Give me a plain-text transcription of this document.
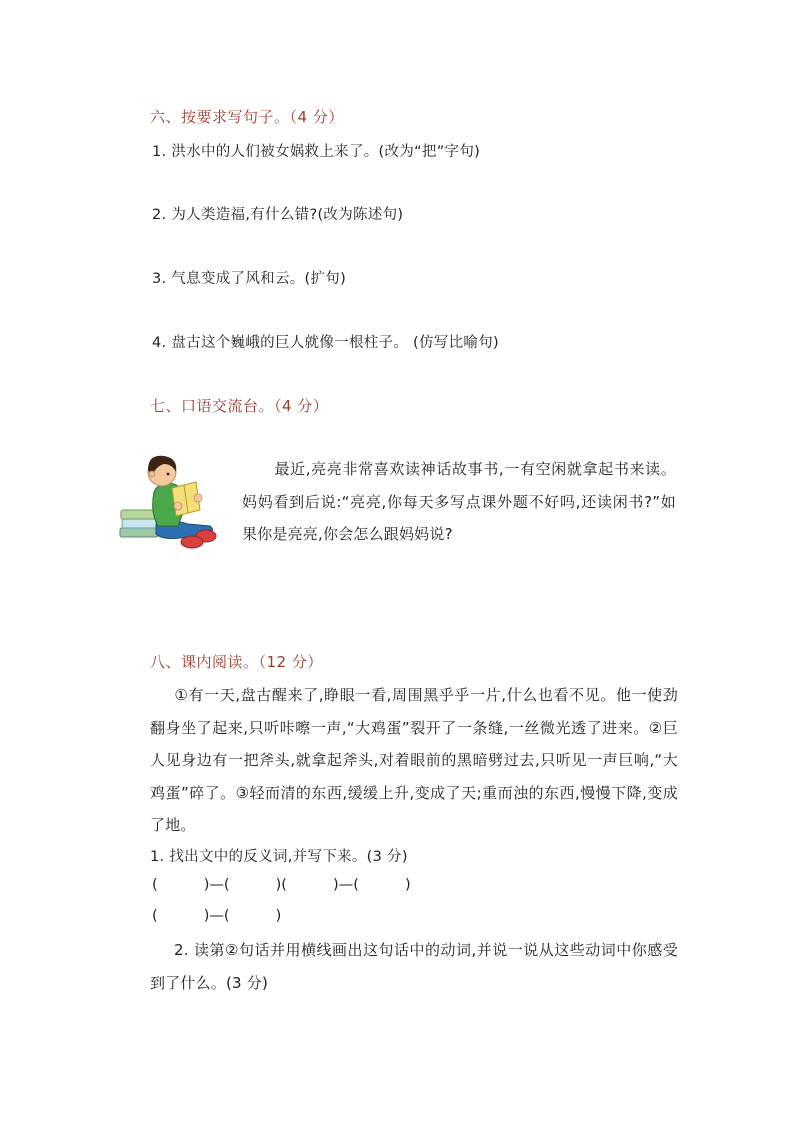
六、按要求写句子。（4 分）
1. 洪水中的人们被女娲救上来了。(改为“把”字句)
2. 为人类造福,有什么错?(改为陈述句)
3. 气息变成了风和云。(扩句)
4. 盘古这个巍峨的巨人就像一根柱子。 (仿写比喻句)
七、口语交流台。（4 分）
最近,亮亮非常喜欢读神话故事书,一有空闲就拿起书来读。妈妈看到后说:“亮亮,你每天多写点课外题不好吗,还读闲书?”如果你是亮亮,你会怎么跟妈妈说?
八、课内阅读。（12 分）
①有一天,盘古醒来了,睁眼一看,周围黑乎乎一片,什么也看不见。他一使劲翻身坐了起来,只听咔嚓一声,“大鸡蛋”裂开了一条缝,一丝微光透了进来。②巨人见身边有一把斧头,就拿起斧头,对着眼前的黑暗劈过去,只听见一声巨响,“大鸡蛋”碎了。③轻而清的东西,缓缓上升,变成了天;重而浊的东西,慢慢下降,变成了地。
1. 找出文中的反义词,并写下来。(3 分)
(          )—(          )(          )—(          )
(          )—(          )
2. 读第②句话并用横线画出这句话中的动词,并说一说从这些动词中你感受到了什么。(3 分)
